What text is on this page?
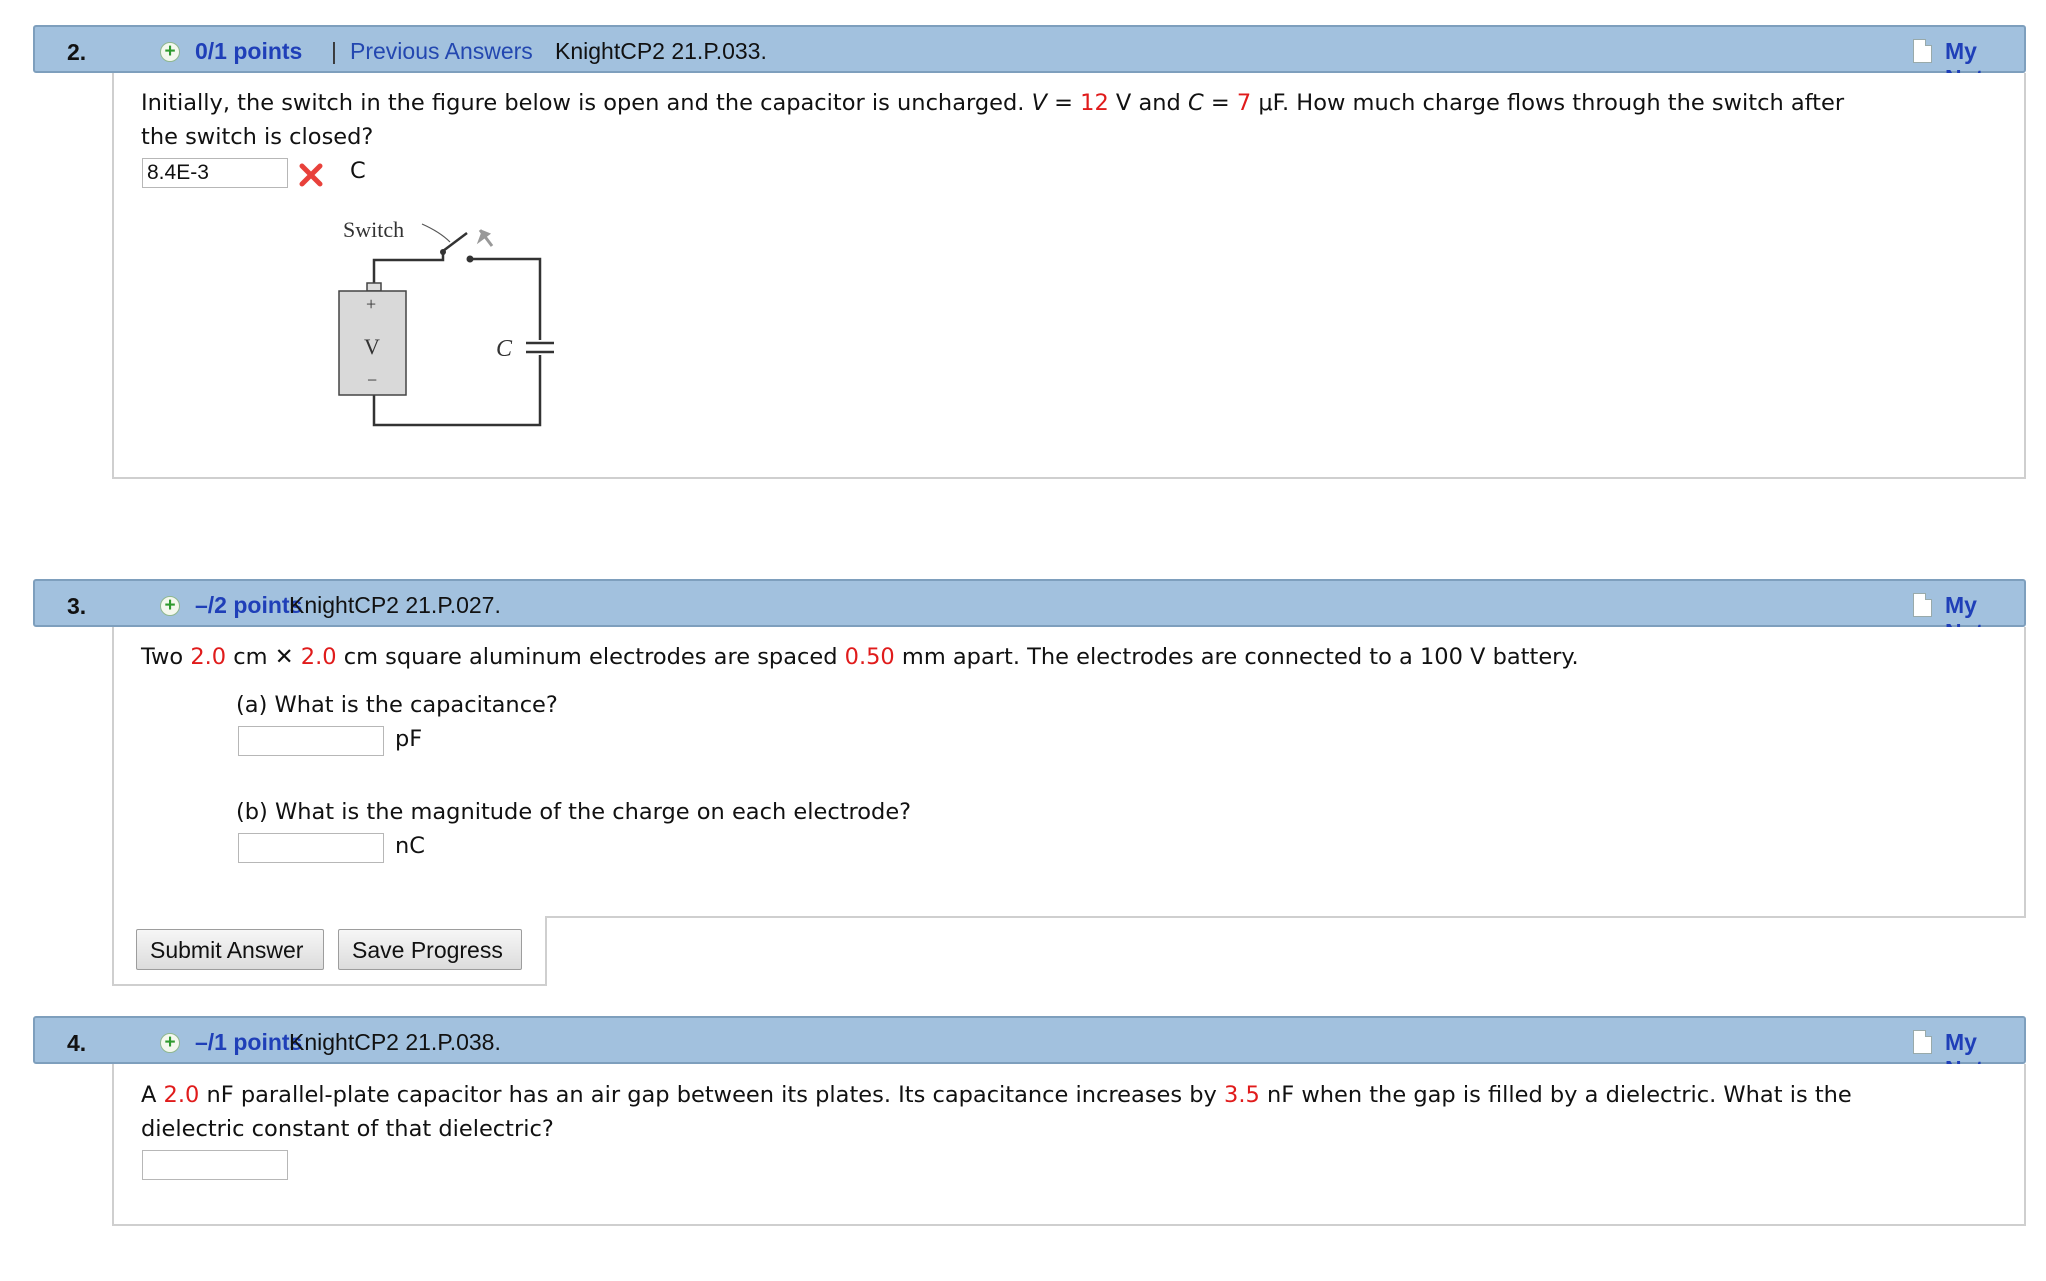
2.	+ 0/1 points | Previous Answers KnightCP2 21.P.033.	My
Initially, the switch in the figure below is open and the capacitor is uncharged. V = 12 V and C = 7 μF. How much charge flows through the switch after
the switch is closed?
8.4E-3	C
Switch
C
+
V
−
3.	+ –/2 points
KnightCP2 21.P.027.	My
Two 2.0 cm ✕ 2.0 cm square aluminum electrodes are spaced 0.50 mm apart. The electrodes are connected to a 100 V battery.
(a) What is the capacitance?
pF
(b) What is the magnitude of the charge on each electrode?
nC
Submit Answer	Save Progress
4.	+ –/1 points
KnightCP2 21.P.038.	My
A 2.0 nF parallel-plate capacitor has an air gap between its plates. Its capacitance increases by 3.5 nF when the gap is filled by a dielectric. What is the
dielectric constant of that dielectric?
